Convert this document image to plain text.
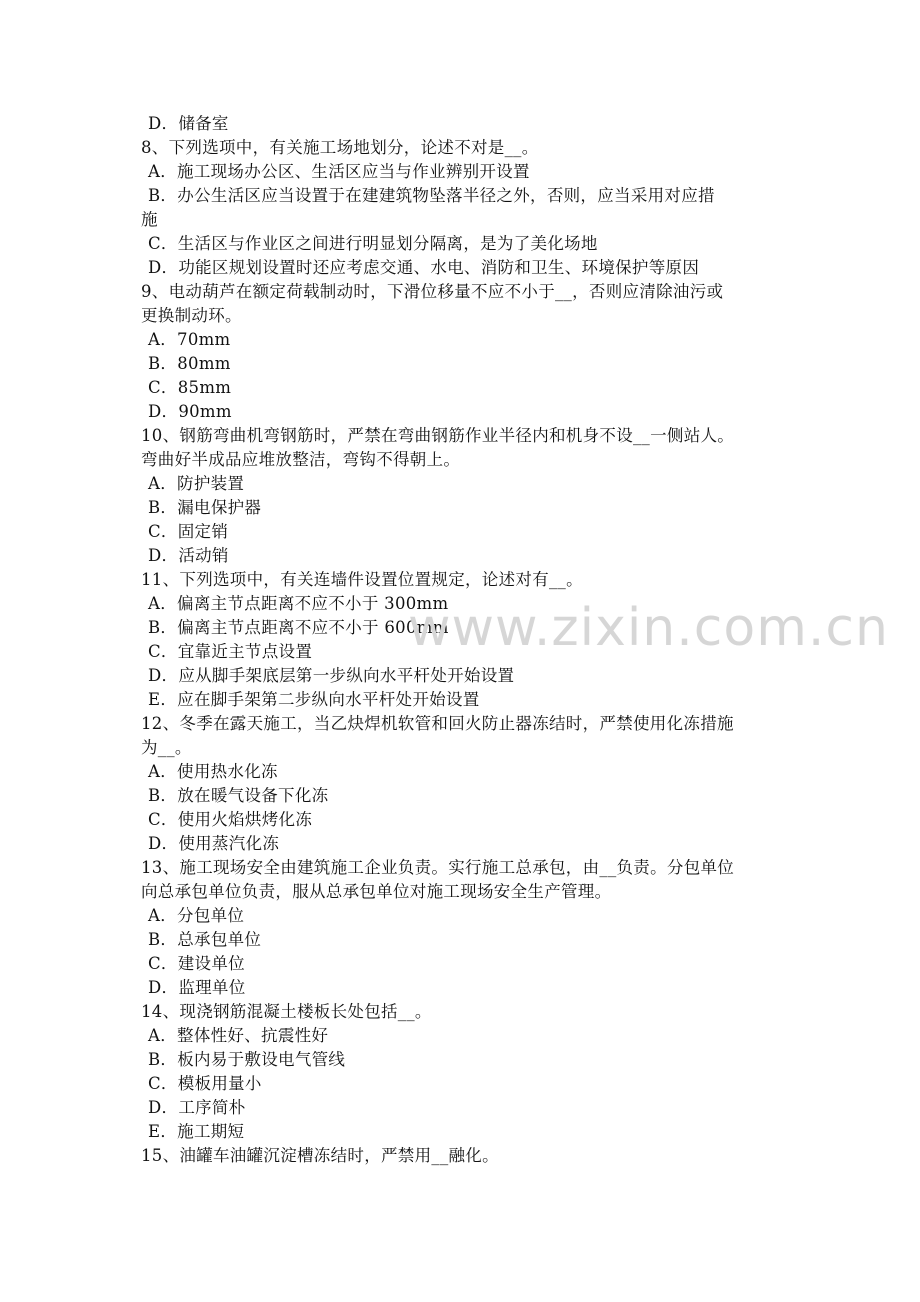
D．储备室
8、下列选项中，有关施工场地划分，论述不对是__。
A．施工现场办公区、生活区应当与作业辨别开设置
B．办公生活区应当设置于在建建筑物坠落半径之外，否则，应当采用对应措
施
C．生活区与作业区之间进行明显划分隔离，是为了美化场地
D．功能区规划设置时还应考虑交通、水电、消防和卫生、环境保护等原因
9、电动葫芦在额定荷载制动时，下滑位移量不应不小于__，否则应清除油污或
更换制动环。
A．70mm
B．80mm
C．85mm
D．90mm
10、钢筋弯曲机弯钢筋时，严禁在弯曲钢筋作业半径内和机身不设__一侧站人。
弯曲好半成品应堆放整洁，弯钩不得朝上。
A．防护装置
B．漏电保护器
C．固定销
D．活动销
11、下列选项中，有关连墙件设置位置规定，论述对有__。
A．偏离主节点距离不应不小于 300mm
B．偏离主节点距离不应不小于 600mm
C．宜靠近主节点设置
D．应从脚手架底层第一步纵向水平杆处开始设置
E．应在脚手架第二步纵向水平杆处开始设置
12、冬季在露天施工，当乙炔焊机软管和回火防止器冻结时，严禁使用化冻措施
为__。
A．使用热水化冻
B．放在暖气设备下化冻
C．使用火焰烘烤化冻
D．使用蒸汽化冻
13、施工现场安全由建筑施工企业负责。实行施工总承包，由__负责。分包单位
向总承包单位负责，服从总承包单位对施工现场安全生产管理。
A．分包单位
B．总承包单位
C．建设单位
D．监理单位
14、现浇钢筋混凝土楼板长处包括__。
A．整体性好、抗震性好
B．板内易于敷设电气管线
C．模板用量小
D．工序简朴
E．施工期短
15、油罐车油罐沉淀槽冻结时，严禁用__融化。
www.zixin.com.cn
